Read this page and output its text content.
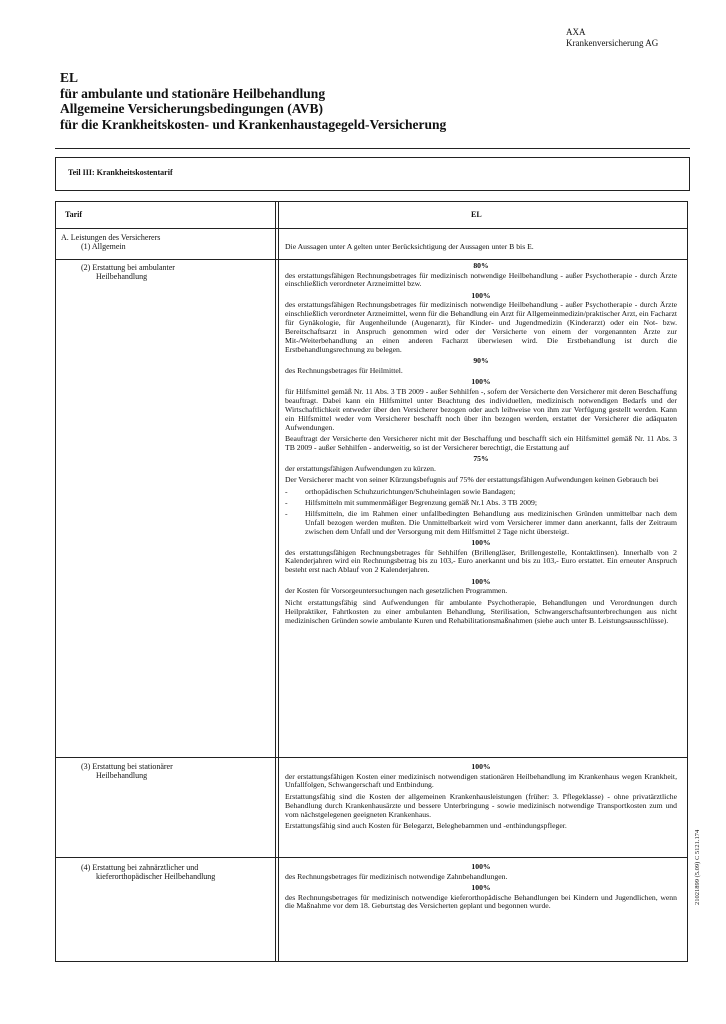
AXA
Krankenversicherung AG
EL
für ambulante und stationäre Heilbehandlung
Allgemeine Versicherungsbedingungen (AVB)
für die Krankheitskosten- und Krankenhaustagegeld-Versicherung
Teil III: Krankheitskostentarif
Tarif	EL
A. Leistungen des Versicherers
(1) Allgemein	Die Aussagen unter A gelten unter Berücksichtigung der Aussagen unter B bis E.

(2) Erstattung bei ambulanter
Heilbehandlung

80%

des erstattungsfähigen Rechnungsbetrages für medizinisch notwendige Heilbehandlung - außer Psychotherapie - durch Ärzte einschließlich verordneter Arzneimittel bzw.

100%

des erstattungsfähigen Rechnungsbetrages für medizinisch notwendige Heilbehandlung - außer Psychotherapie - durch Ärzte einschließlich verordneter Arzneimittel, wenn für die Behandlung ein Arzt für Allgemeinmedizin/praktischer Arzt, ein Facharzt für Gynäkologie, für Augenheilunde (Augenarzt), für Kinder- und Jugendmedizin (Kinderarzt) oder ein Not- bzw. Bereitschaftsarzt in Anspruch genommen wird oder der Versicherte von einem der vorgenannten Ärzte zur Mit-/Weiterbehandlung an einen anderen Facharzt überwiesen wird. Die Erstbehandlung ist durch die Erstbehandlungsrechnung zu belegen.

90%

des Rechnungsbetrages für Heilmittel.

100%

für Hilfsmittel gemäß Nr. 11 Abs. 3 TB 2009 - außer Sehhilfen -, sofern der Versicherte den Versicherer mit deren Beschaffung beauftragt. Dabei kann ein Hilfsmittel unter Beachtung des individuellen, medizinisch notwendigen Bedarfs und der Wirtschaftlichkeit entweder über den Versicherer bezogen oder auch leihweise von ihm zur Verfügung gestellt werden. Kann ein Hilfsmittel weder vom Versicherer beschafft noch über ihn bezogen werden, erstattet der Versicherer die adäquaten Aufwendungen.

Beauftragt der Versicherte den Versicherer nicht mit der Beschaffung und beschafft sich ein Hilfsmittel gemäß Nr. 11 Abs. 3 TB 2009 - außer Sehhilfen - anderweitig, so ist der Versicherer berechtigt, die Erstattung auf

75%

der erstattungsfähigen Aufwendungen zu kürzen.

Der Versicherer macht von seiner Kürzungsbefugnis auf 75% der erstattungsfähigen Aufwendungen keinen Gebrauch bei

- orthopädischen Schuhzurichtungen/Schuheinlagen sowie Bandagen;
- Hilfsmitteln mit summenmäßiger Begrenzung gemäß Nr.1 Abs. 3 TB 2009;
- Hilfsmitteln, die im Rahmen einer unfallbedingten Behandlung aus medizinischen Gründen unmittelbar nach dem Unfall bezogen werden mußten. Die Unmittelbarkeit wird vom Versicherer immer dann anerkannt, falls der Zeitraum zwischen dem Unfall und der Versorgung mit dem Hilfsmittel 2 Tage nicht übersteigt.

100%

des erstattungsfähigen Rechnungsbetrages für Sehhilfen (Brillengläser, Brillengestelle, Kontaktlinsen). Innerhalb von 2 Kalenderjahren wird ein Rechnungsbetrag bis zu 103,- Euro anerkannt und bis zu 103,- Euro erstattet. Ein erneuter Anspruch besteht erst nach Ablauf von 2 Kalenderjahren.

100%

der Kosten für Vorsorgeuntersuchungen nach gesetzlichen Programmen.

Nicht erstattungsfähig sind Aufwendungen für ambulante Psychotherapie, Behandlungen und Verordnungen durch Heilpraktiker, Fahrtkosten zu einer ambulanten Behandlung, Sterilisation, Schwangerschaftsunterbrechungen aus nicht medizinischen Gründen sowie ambulante Kuren und Rehabilitationsmaßnahmen (siehe auch unter B. Leistungsausschlüsse).

(3) Erstattung bei stationärer
Heilbehandlung

100%

der erstattungsfähigen Kosten einer medizinisch notwendigen stationären Heilbehandlung im Krankenhaus wegen Krankheit, Unfallfolgen, Schwangerschaft und Entbindung.

Erstattungsfähig sind die Kosten der allgemeinen Krankenhausleistungen (früher: 3. Pflegeklasse) - ohne privatärztliche Behandlung durch Krankenhausärzte und bessere Unterbringung - sowie medizinisch notwendige Transportkosten zum und vom nächstgelegenen geeigneten Krankenhaus.

Erstattungsfähig sind auch Kosten für Belegarzt, Beleghebammen und -enthindungspfleger.

(4) Erstattung bei zahnärztlicher und
kieferorthopädischer Heilbehandlung

100%

des Rechnungsbetrages für medizinisch notwendige Zahnbehandlungen.

100%

des Rechnungsbetrages für medizinisch notwendige kieferorthopädische Behandlungen bei Kindern und Jugendlichen, wenn die Maßnahme vor dem 18. Geburtstag des Versicherten geplant und begonnen wurde.

21021899 (5.09) C 5121.174
